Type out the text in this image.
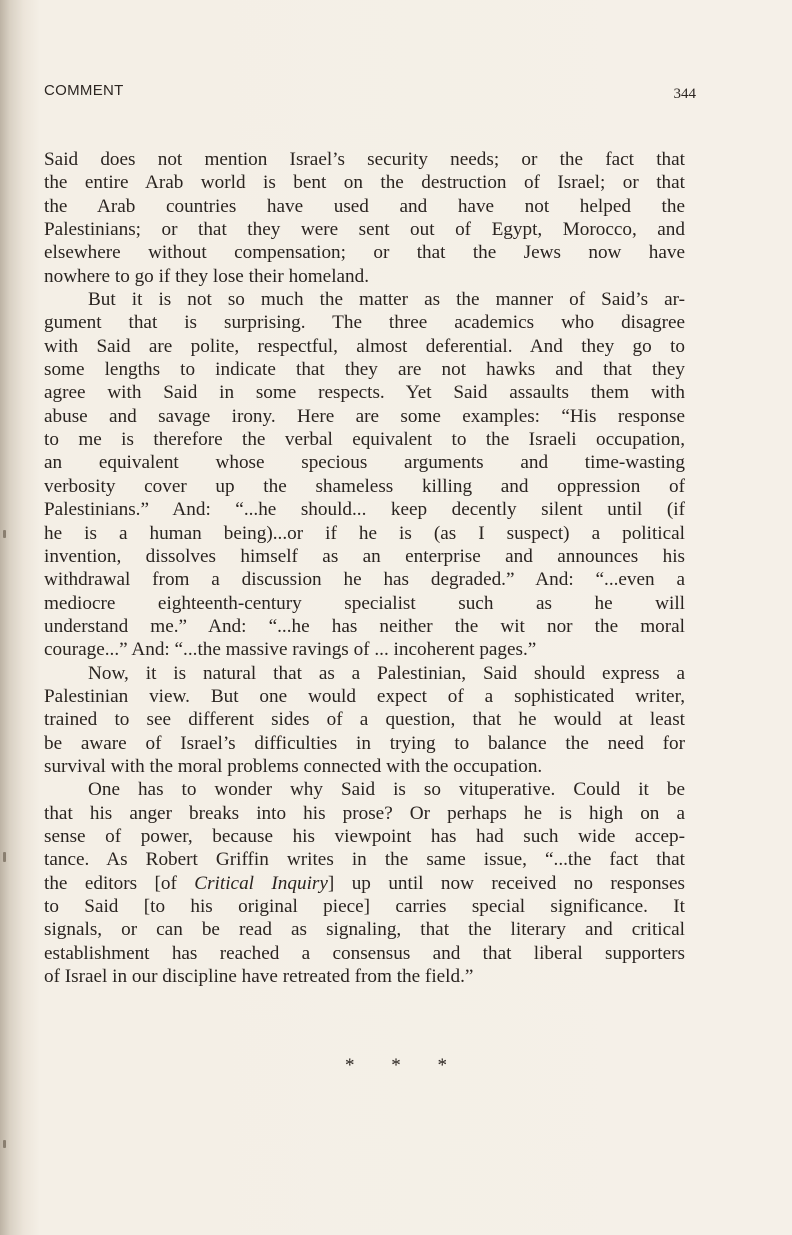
COMMENT	344
Said does not mention Israel’s security needs; or the fact that
the entire Arab world is bent on the destruction of Israel; or that
the Arab countries have used and have not helped the
Palestinians; or that they were sent out of Egypt, Morocco, and
elsewhere without compensation; or that the Jews now have
nowhere to go if they lose their homeland.
But it is not so much the matter as the manner of Said’s ar-
gument that is surprising. The three academics who disagree
with Said are polite, respectful, almost deferential. And they go to
some lengths to indicate that they are not hawks and that they
agree with Said in some respects. Yet Said assaults them with
abuse and savage irony. Here are some examples: “His response
to me is therefore the verbal equivalent to the Israeli occupation,
an equivalent whose specious arguments and time-wasting
verbosity cover up the shameless killing and oppression of
Palestinians.” And: “...he should... keep decently silent until (if
he is a human being)...or if he is (as I suspect) a political
invention, dissolves himself as an enterprise and announces his
withdrawal from a discussion he has degraded.” And: “...even a
mediocre eighteenth-century specialist such as he will
understand me.” And: “...he has neither the wit nor the moral
courage...” And: “...the massive ravings of ... incoherent pages.”
Now, it is natural that as a Palestinian, Said should express a
Palestinian view. But one would expect of a sophisticated writer,
trained to see different sides of a question, that he would at least
be aware of Israel’s difficulties in trying to balance the need for
survival with the moral problems connected with the occupation.
One has to wonder why Said is so vituperative. Could it be
that his anger breaks into his prose? Or perhaps he is high on a
sense of power, because his viewpoint has had such wide accep-
tance. As Robert Griffin writes in the same issue, “...the fact that
the editors [of Critical Inquiry] up until now received no responses
to Said [to his original piece] carries special significance. It
signals, or can be read as signaling, that the literary and critical
establishment has reached a consensus and that liberal supporters
of Israel in our discipline have retreated from the field.”
* * *
